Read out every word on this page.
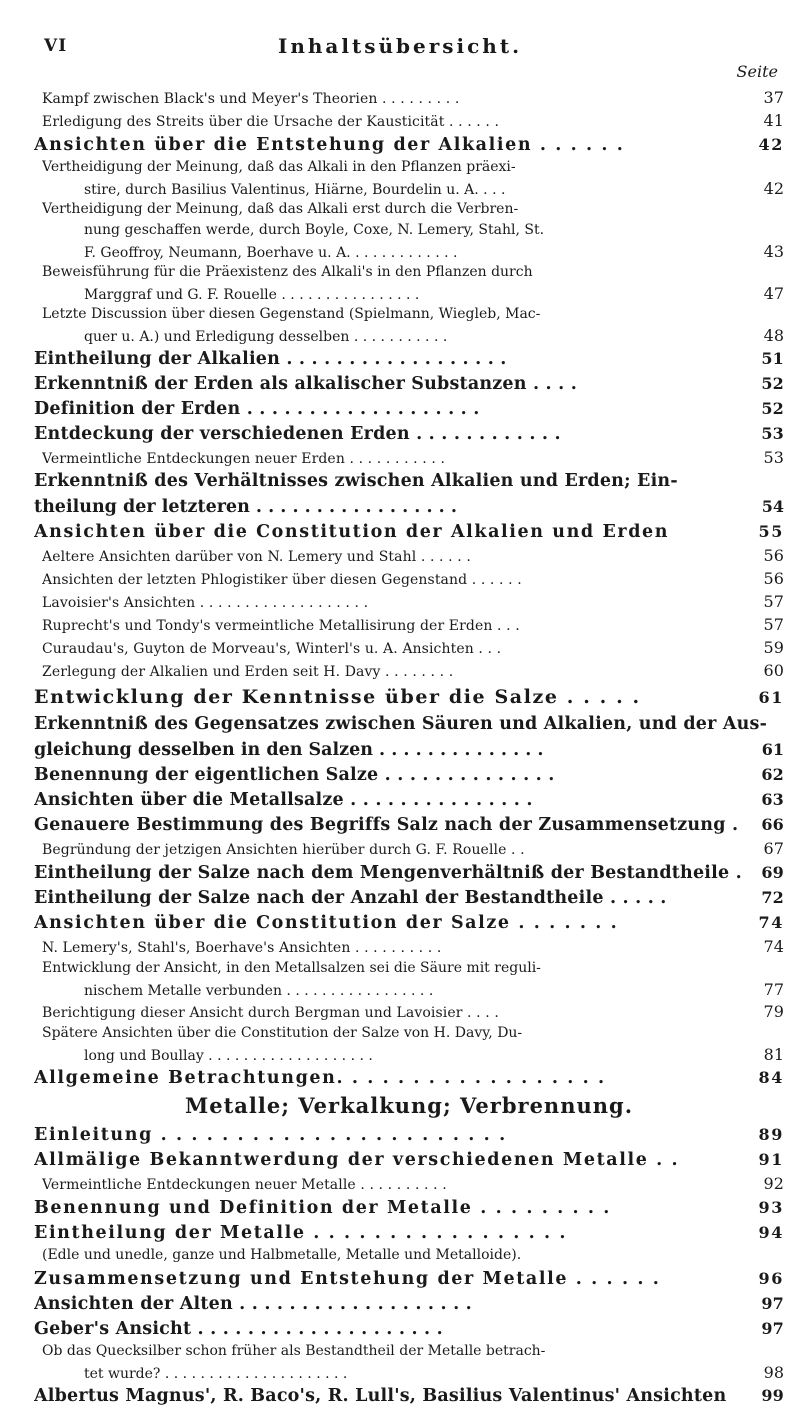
VI	Inhaltsübersicht.
Seite
Kampf zwischen Black's und Meyer's Theorien . . . . . . . . .	37
Erledigung des Streits über die Ursache der Kausticität . . . . . .	41
Ansichten über die Entstehung der Alkalien . . . . . .	42
Vertheidigung der Meinung, daß das Alkali in den Pflanzen präexi-
stire, durch Basilius Valentinus, Hiärne, Bourdelin u. A. . . .	42
Vertheidigung der Meinung, daß das Alkali erst durch die Verbren-
nung geschaffen werde, durch Boyle, Coxe, N. Lemery, Stahl, St.
F. Geoffroy, Neumann, Boerhave u. A. . . . . . . . . . . . .	43
Beweisführung für die Präexistenz des Alkali's in den Pflanzen durch
Marggraf und G. F. Rouelle . . . . . . . . . . . . . . . .	47
Letzte Discussion über diesen Gegenstand (Spielmann, Wiegleb, Mac-
quer u. A.) und Erledigung desselben . . . . . . . . . . .	48
Eintheilung der Alkalien . . . . . . . . . . . . . . . . . .	51
Erkenntniß der Erden als alkalischer Substanzen . . . .	52
Definition der Erden . . . . . . . . . . . . . . . . . . .	52
Entdeckung der verschiedenen Erden . . . . . . . . . . . .	53
Vermeintliche Entdeckungen neuer Erden . . . . . . . . . . .	53
Erkenntniß des Verhältnisses zwischen Alkalien und Erden; Ein-
theilung der letzteren . . . . . . . . . . . . . . . . .	54
Ansichten über die Constitution der Alkalien und Erden	55
Aeltere Ansichten darüber von N. Lemery und Stahl . . . . . .	56
Ansichten der letzten Phlogistiker über diesen Gegenstand . . . . . .	56
Lavoisier's Ansichten . . . . . . . . . . . . . . . . . . .	57
Ruprecht's und Tondy's vermeintliche Metallisirung der Erden . . .	57
Curaudau's, Guyton de Morveau's, Winterl's u. A. Ansichten . . .	59
Zerlegung der Alkalien und Erden seit H. Davy . . . . . . . .	60
Entwicklung der Kenntnisse über die Salze . . . . .	61
Erkenntniß des Gegensatzes zwischen Säuren und Alkalien, und der Aus-
gleichung desselben in den Salzen . . . . . . . . . . . . . .	61
Benennung der eigentlichen Salze . . . . . . . . . . . . . .	62
Ansichten über die Metallsalze . . . . . . . . . . . . . . .	63
Genauere Bestimmung des Begriffs Salz nach der Zusammensetzung .	66
Begründung der jetzigen Ansichten hierüber durch G. F. Rouelle . .	67
Eintheilung der Salze nach dem Mengenverhältniß der Bestandtheile .	69
Eintheilung der Salze nach der Anzahl der Bestandtheile . . . . .	72
Ansichten über die Constitution der Salze . . . . . . .	74
N. Lemery's, Stahl's, Boerhave's Ansichten . . . . . . . . . .	74
Entwicklung der Ansicht, in den Metallsalzen sei die Säure mit reguli-
nischem Metalle verbunden . . . . . . . . . . . . . . . . .	77
Berichtigung dieser Ansicht durch Bergman und Lavoisier . . . .	79
Spätere Ansichten über die Constitution der Salze von H. Davy, Du-
long und Boullay . . . . . . . . . . . . . . . . . . .	81
Allgemeine Betrachtungen. . . . . . . . . . . . . . . . . .	84
Metalle; Verkalkung; Verbrennung.
Einleitung . . . . . . . . . . . . . . . . . . . . . . .	89
Allmälige Bekanntwerdung der verschiedenen Metalle . .	91
Vermeintliche Entdeckungen neuer Metalle . . . . . . . . . .	92
Benennung und Definition der Metalle . . . . . . . . .	93
Eintheilung der Metalle . . . . . . . . . . . . . . . . .	94
(Edle und unedle, ganze und Halbmetalle, Metalle und Metalloide).
Zusammensetzung und Entstehung der Metalle . . . . . .	96
Ansichten der Alten . . . . . . . . . . . . . . . . . . .	97
Geber's Ansicht . . . . . . . . . . . . . . . . . . . .	97
Ob das Quecksilber schon früher als Bestandtheil der Metalle betrach-
tet wurde? . . . . . . . . . . . . . . . . . . . . .	98
Albertus Magnus', R. Baco's, R. Lull's, Basilius Valentinus' Ansichten	99
